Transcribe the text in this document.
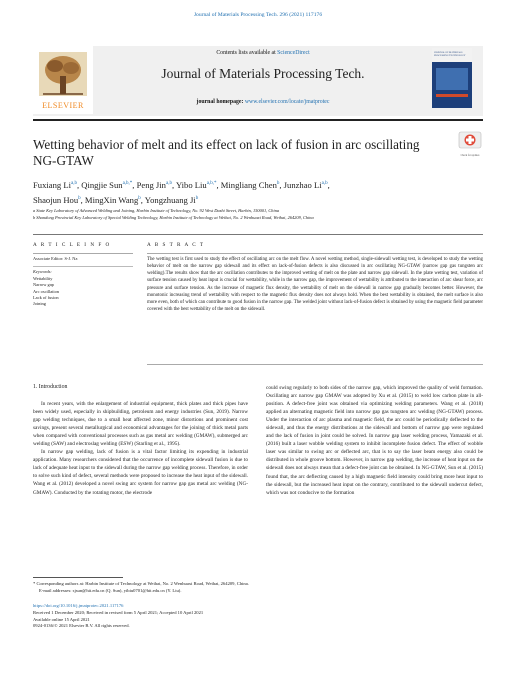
Journal of Materials Processing Tech. 296 (2021) 117176
ELSEVIER
Contents lists available at ScienceDirect
Journal of Materials Processing Tech.
journal homepage: www.elsevier.com/locate/jmatprotec
JOURNAL OF MATERIALS PROCESSING TECHNOLOGY
Wetting behavior of melt and its effect on lack of fusion in arc oscillating NG-GTAW	Check for updates
Fuxiang Li$^{a,b}$, Qingjie Sun$^{a,b,*}$, Peng Jin$^{a,b}$, Yibo Liu$^{a,b,*}$, Mingliang Chen$^b$, Junzhao Li$^{a,b}$,
Shaojun Hou$^b$, MingXin Wang$^b$, Yongzhuang Ji$^b$
a State Key Laboratory of Advanced Welding and Joining, Harbin Institute of Technology, No. 92 West Dazhi Street, Harbin, 150001, China
b Shandong Provincial Key Laboratory of Special Welding Technology, Harbin Institute of Technology at Weihai, No. 2 Wenhuaxi Road, Weihai, 264209, China
A R T I C L E I N F O	A B S T R A C T
Associate Editor: S-J. Na
Keywords:
Wettability
Narrow gap
Arc oscillation
Lack of fusion
Joining
The wetting test is first used to study the effect of oscillating arc on the melt flow. A novel wetting method, single-sidewall wetting test, is developed to study the wetting behavior of melt on the narrow gap sidewall and its effect on lack-of-fusion defects is also discussed in arc oscillating NG-GTAW (narrow gap gas tungsten arc welding).The results show that the arc oscillation contributes to the improved wetting of melt on the plate and narrow gap sidewall. In the plate wetting test, variation of surface tension caused by heat input is crucial for wettability, while in the narrow gap, the improvement of wettability is attributed to the interaction of arc shear force, arc pressure and surface tension. As the increase of magnetic flux density, the wettability of melt on the sidewall in narrow gap gradually becomes better. However, the monotonic increasing trend of wettability with respect to the magnetic flux density does not always hold. When the best wettability is obtained, the melt surface is also more even, both of which can contribute to good fusion in the narrow gap. The welded joint without lack-of-fusion defect is obtained by using the magnetic field parameter covered with the best wettability of the melt on the sidewall.
1. Introduction

In recent years, with the enlargement of industrial equipment, thick plates and thick pipes have been widely used, especially in shipbuilding, petroleum and energy industries (Sun, 2019). Narrow gap welding techniques, due to a small heat affected zone, minor distortions and prominent cost savings, present several metallurgical and economical advantages for the joining of thick metal parts when compared with conventional processes such as gas metal arc welding (GMAW), submerged arc welding (SAW) and electroslag welding (ESW) (Starling et al., 1995).

In narrow gap welding, lack of fusion is a vital factor limiting its expending in industrial application. Many researchers considered that the occurrence of incomplete sidewall fusion is due to lack of adequate heat input to the sidewall during the narrow gap welding process. Therefore, in order to solve such kind of defect, several methods were proposed to increase the heat input of the sidewall. Wang et al. (2012) developed a novel swing arc system for narrow gap gas metal arc welding (NG-GMAW). Conducted by the rotating motor, the electrode

could swing regularly to both sides of the narrow gap, which improved the quality of weld formation. Oscillating arc narrow gap GMAW was adopted by Xu et al. (2015) to weld low carbon plate in all-position. A defect-free joint was obtained via optimizing welding parameters. Wang et al. (2018) applied an alternating magnetic field into narrow gap gas tungsten arc welding (NG-GTAW) process. Under the interaction of arc plasma and magnetic field, the arc could be periodically deflected to the sidewall, and thus the energy distributions at the sidewall and bottom of narrow gap were regulated and the lack of fusion in joint could be solved. In narrow gap laser welding process, Yamazaki et al. (2016) built a laser wobble welding system to inhibit incomplete fusion defect. The effect of wobble laser was similar to swing arc or deflected arc, that is to say the laser beam energy also could be distributed in whole groove bottom. However, in narrow gap welding, the increase of heat input on the sidewall does not always mean that a defect-free joint can be obtained. In NG-GTAW, Sun et al. (2015) found that, the arc deflecting caused by a high magnetic field intensity could bring more heat input to the sidewall, but the increased heat input on the contrary, contributed to the sidewall undercut defect, which was not conducive to the formation

* Corresponding authors at: Harbin Institute of Technology at Weihai, No. 2 Wenhuaxi Road, Weihai, 264209, China.
E-mail addresses: sjsun@hit.edu.cn (Q. Sun), yibiu0701@hit.edu.cn (Y. Liu).
https://doi.org/10.1016/j.jmatprotec.2021.117176
Received 1 December 2020; Received in revised form 5 April 2021; Accepted 10 April 2021
Available online 15 April 2021
0924-0136/© 2021 Elsevier B.V. All rights reserved.
